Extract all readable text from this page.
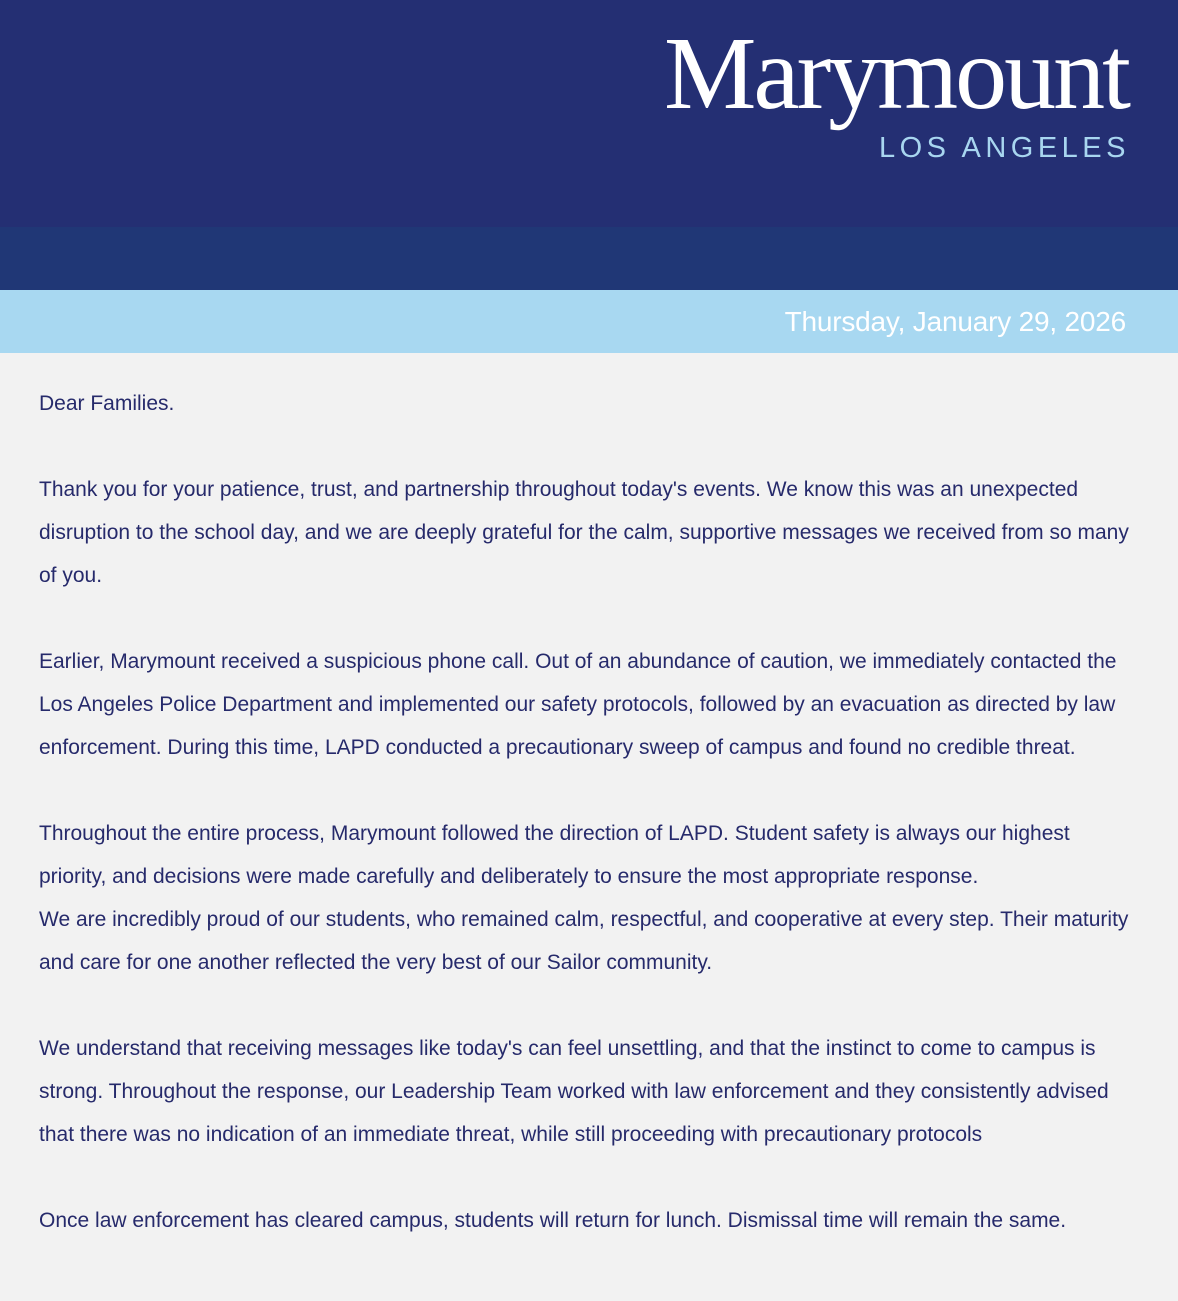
Marymount
LOS ANGELES
Thursday, January 29, 2026

Dear Families.

Thank you for your patience, trust, and partnership throughout today's events. We know this was an unexpected disruption to the school day, and we are deeply grateful for the calm, supportive messages we received from so many of you.

Earlier, Marymount received a suspicious phone call. Out of an abundance of caution, we immediately contacted the Los Angeles Police Department and implemented our safety protocols, followed by an evacuation as directed by law enforcement. During this time, LAPD conducted a precautionary sweep of campus and found no credible threat.

Throughout the entire process, Marymount followed the direction of LAPD. Student safety is always our highest priority, and decisions were made carefully and deliberately to ensure the most appropriate response.

We are incredibly proud of our students, who remained calm, respectful, and cooperative at every step. Their maturity and care for one another reflected the very best of our Sailor community.

We understand that receiving messages like today's can feel unsettling, and that the instinct to come to campus is strong. Throughout the response, our Leadership Team worked with law enforcement and they consistently advised that there was no indication of an immediate threat, while still proceeding with precautionary protocols

Once law enforcement has cleared campus, students will return for lunch. Dismissal time will remain the same.
